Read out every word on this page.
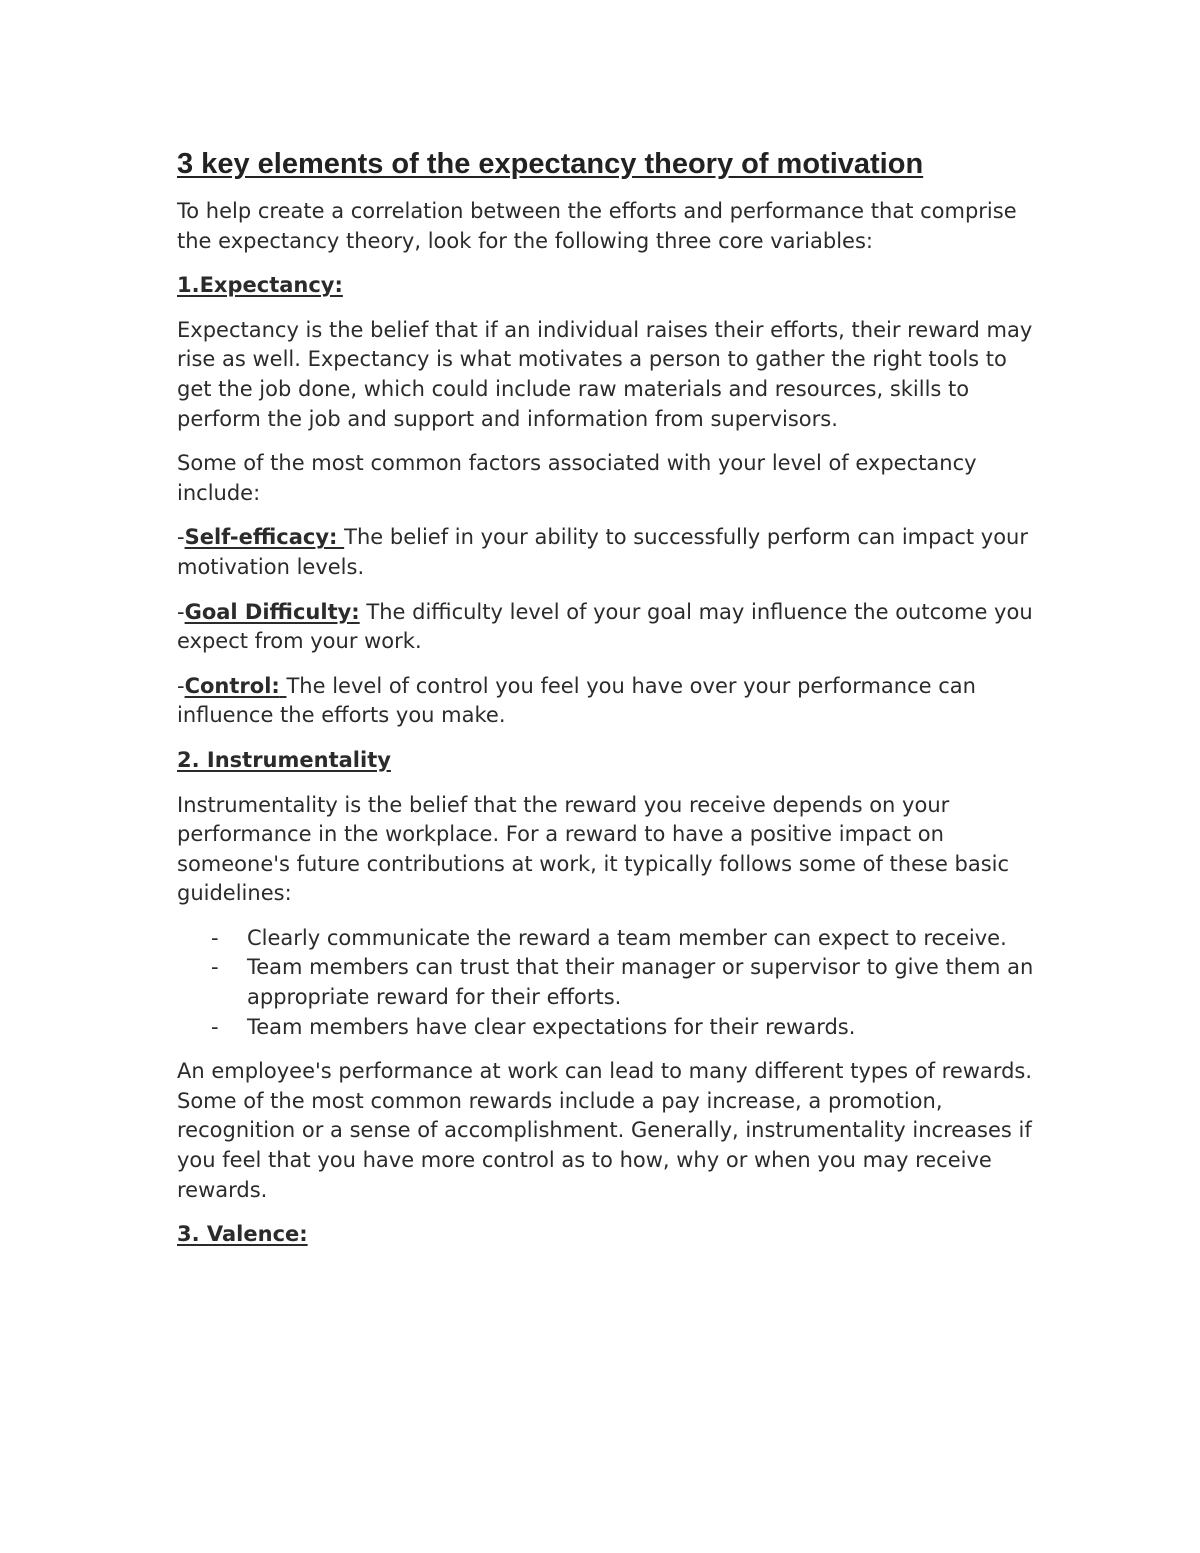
3 key elements of the expectancy theory of motivation

To help create a correlation between the efforts and performance that comprise the expectancy theory, look for the following three core variables:

1.Expectancy:

Expectancy is the belief that if an individual raises their efforts, their reward may rise as well. Expectancy is what motivates a person to gather the right tools to get the job done, which could include raw materials and resources, skills to perform the job and support and information from supervisors.

Some of the most common factors associated with your level of expectancy include:

-Self-efficacy: The belief in your ability to successfully perform can impact your motivation levels.

-Goal Difficulty: The difficulty level of your goal may influence the outcome you expect from your work.

-Control: The level of control you feel you have over your performance can influence the efforts you make.

2. Instrumentality

Instrumentality is the belief that the reward you receive depends on your performance in the workplace. For a reward to have a positive impact on someone's future contributions at work, it typically follows some of these basic guidelines:

- Clearly communicate the reward a team member can expect to receive.
- Team members can trust that their manager or supervisor to give them an appropriate reward for their efforts.
- Team members have clear expectations for their rewards.

An employee's performance at work can lead to many different types of rewards. Some of the most common rewards include a pay increase, a promotion, recognition or a sense of accomplishment. Generally, instrumentality increases if you feel that you have more control as to how, why or when you may receive rewards.

3. Valence:
